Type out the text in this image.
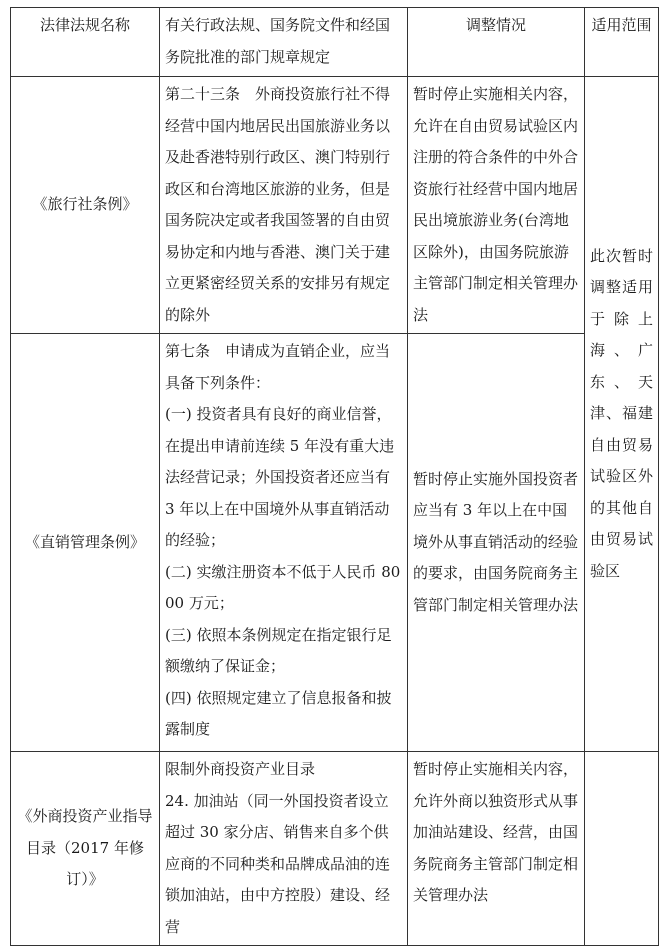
法律法规名称	有关行政法规、国务院文件和经国务院批准的部门规章规定	调整情况	适用范围
《旅行社条例》	第二十三条　外商投资旅行社不得经营中国内地居民出国旅游业务以及赴香港特别行政区、澳门特别行政区和台湾地区旅游的业务，但是国务院决定或者我国签署的自由贸易协定和内地与香港、澳门关于建立更紧密经贸关系的安排另有规定的除外	暂时停止实施相关内容，允许在自由贸易试验区内注册的符合条件的中外合资旅行社经营中国内地居民出境旅游业务(台湾地区除外)，由国务院旅游主管部门制定相关管理办法	此次暂时调整适用于除上海、广东、天津、福建自由贸易试验区外的其他自由贸易试验区
《直销管理条例》	第七条　申请成为直销企业，应当具备下列条件：
(一) 投资者具有良好的商业信誉，在提出申请前连续 5 年没有重大违法经营记录；外国投资者还应当有 3 年以上在中国境外从事直销活动的经验；
(二) 实缴注册资本不低于人民币 8000 万元；
(三) 依照本条例规定在指定银行足额缴纳了保证金；
(四) 依照规定建立了信息报备和披露制度	暂时停止实施外国投资者应当有 3 年以上在中国境外从事直销活动的经验的要求，由国务院商务主管部门制定相关管理办法	
《外商投资产业指导目录（2017 年修订）》	限制外商投资产业目录
24. 加油站（同一外国投资者设立超过 30 家分店、销售来自多个供应商的不同种类和品牌成品油的连锁加油站，由中方控股）建设、经营	暂时停止实施相关内容，允许外商以独资形式从事加油站建设、经营，由国务院商务主管部门制定相关管理办法	
